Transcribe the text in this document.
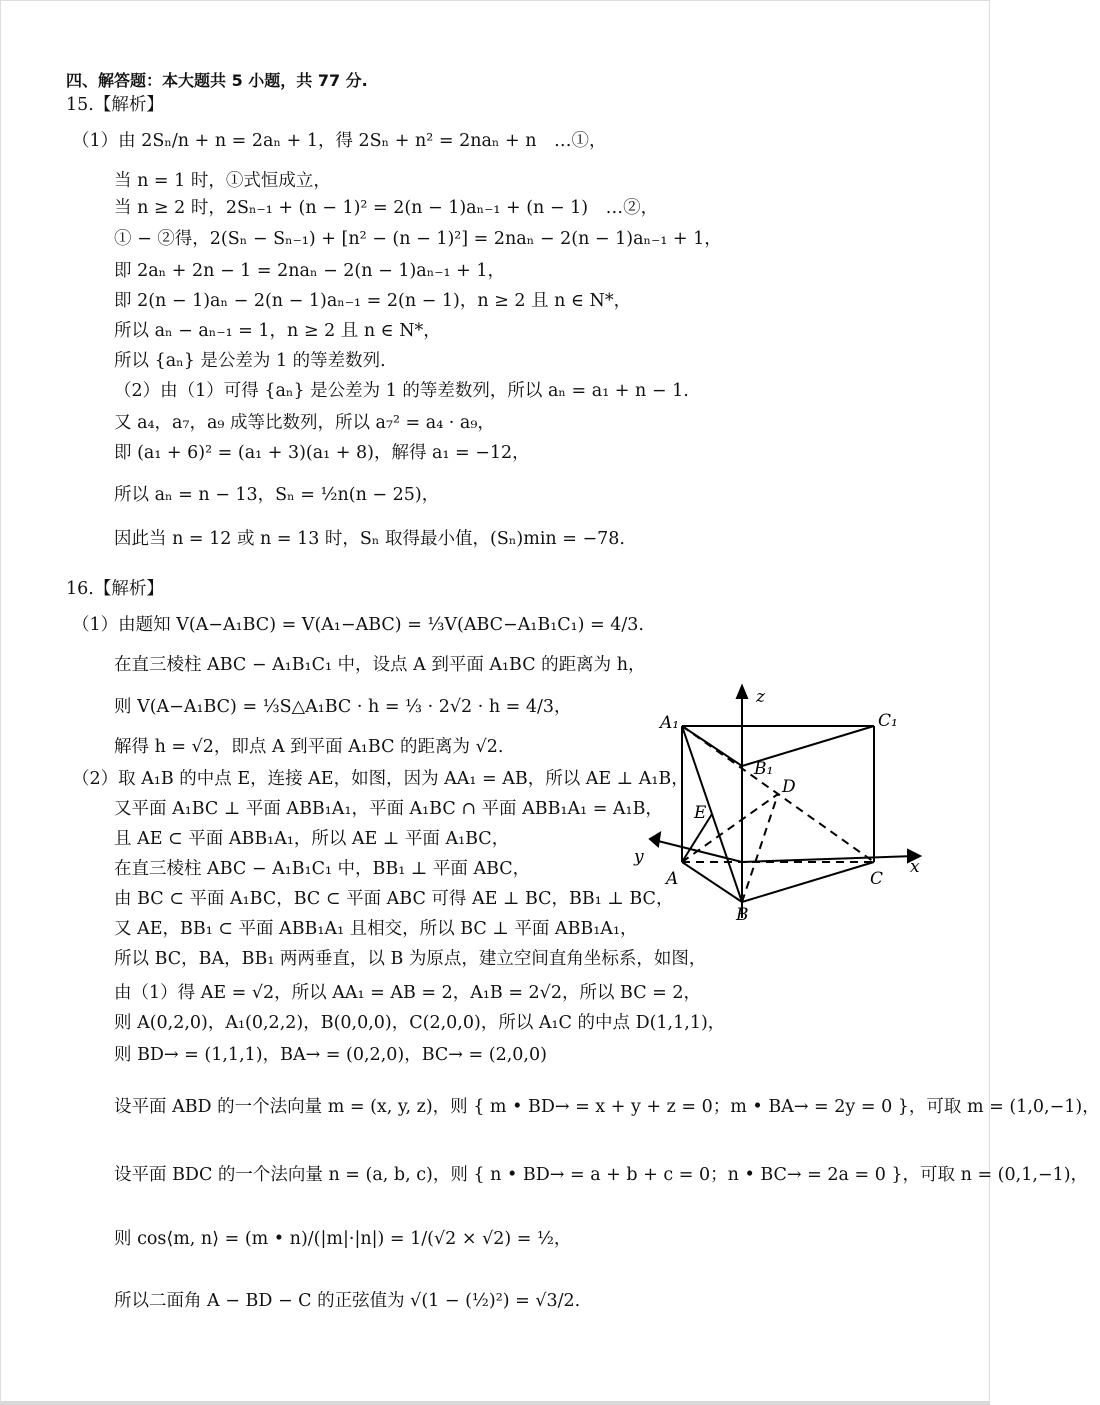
四、解答题：本大题共 5 小题，共 77 分.
15.【解析】
（1）由 2Sₙ/n + n = 2aₙ + 1，得 2Sₙ + n² = 2naₙ + n　…①，
当 n = 1 时，①式恒成立，
当 n ≥ 2 时，2Sₙ₋₁ + (n − 1)² = 2(n − 1)aₙ₋₁ + (n − 1)　…②，
① − ②得，2(Sₙ − Sₙ₋₁) + [n² − (n − 1)²] = 2naₙ − 2(n − 1)aₙ₋₁ + 1，
即 2aₙ + 2n − 1 = 2naₙ − 2(n − 1)aₙ₋₁ + 1，
即 2(n − 1)aₙ − 2(n − 1)aₙ₋₁ = 2(n − 1)，n ≥ 2 且 n ∈ N*，
所以 aₙ − aₙ₋₁ = 1，n ≥ 2 且 n ∈ N*，
所以 {aₙ} 是公差为 1 的等差数列.
（2）由（1）可得 {aₙ} 是公差为 1 的等差数列，所以 aₙ = a₁ + n − 1.
又 a₄，a₇，a₉ 成等比数列，所以 a₇² = a₄ · a₉，
即 (a₁ + 6)² = (a₁ + 3)(a₁ + 8)，解得 a₁ = −12，
所以 aₙ = n − 13，Sₙ = ½n(n − 25)，
因此当 n = 12 或 n = 13 时，Sₙ 取得最小值，(Sₙ)min = −78.
16.【解析】
（1）由题知 V(A−A₁BC) = V(A₁−ABC) = ⅓V(ABC−A₁B₁C₁) = 4/3.
在直三棱柱 ABC − A₁B₁C₁ 中，设点 A 到平面 A₁BC 的距离为 h，
则 V(A−A₁BC) = ⅓S△A₁BC · h = ⅓ · 2√2 · h = 4/3，
解得 h = √2，即点 A 到平面 A₁BC 的距离为 √2.
（2）取 A₁B 的中点 E，连接 AE，如图，因为 AA₁ = AB，所以 AE ⊥ A₁B，
又平面 A₁BC ⊥ 平面 ABB₁A₁，平面 A₁BC ∩ 平面 ABB₁A₁ = A₁B，
且 AE ⊂ 平面 ABB₁A₁，所以 AE ⊥ 平面 A₁BC，
在直三棱柱 ABC − A₁B₁C₁ 中，BB₁ ⊥ 平面 ABC，
由 BC ⊂ 平面 A₁BC，BC ⊂ 平面 ABC 可得 AE ⊥ BC，BB₁ ⊥ BC，
又 AE，BB₁ ⊂ 平面 ABB₁A₁ 且相交，所以 BC ⊥ 平面 ABB₁A₁，
所以 BC，BA，BB₁ 两两垂直，以 B 为原点，建立空间直角坐标系，如图，
由（1）得 AE = √2，所以 AA₁ = AB = 2，A₁B = 2√2，所以 BC = 2，
则 A(0,2,0)，A₁(0,2,2)，B(0,0,0)，C(2,0,0)，所以 A₁C 的中点 D(1,1,1)，
则 BD→ = (1,1,1)，BA→ = (0,2,0)，BC→ = (2,0,0)
设平面 ABD 的一个法向量 m = (x, y, z)，则 { m • BD→ = x + y + z = 0；m • BA→ = 2y = 0 }，可取 m = (1,0,−1)，
设平面 BDC 的一个法向量 n = (a, b, c)，则 { n • BD→ = a + b + c = 0；n • BC→ = 2a = 0 }，可取 n = (0,1,−1)，
则 cos⟨m, n⟩ = (m • n)/(|m|·|n|) = 1/(√2 × √2) = ½，
所以二面角 A − BD − C 的正弦值为 √(1 − (½)²) = √3/2.
z
y	x
A₁	C₁
B₁
D
E
A
B
C
